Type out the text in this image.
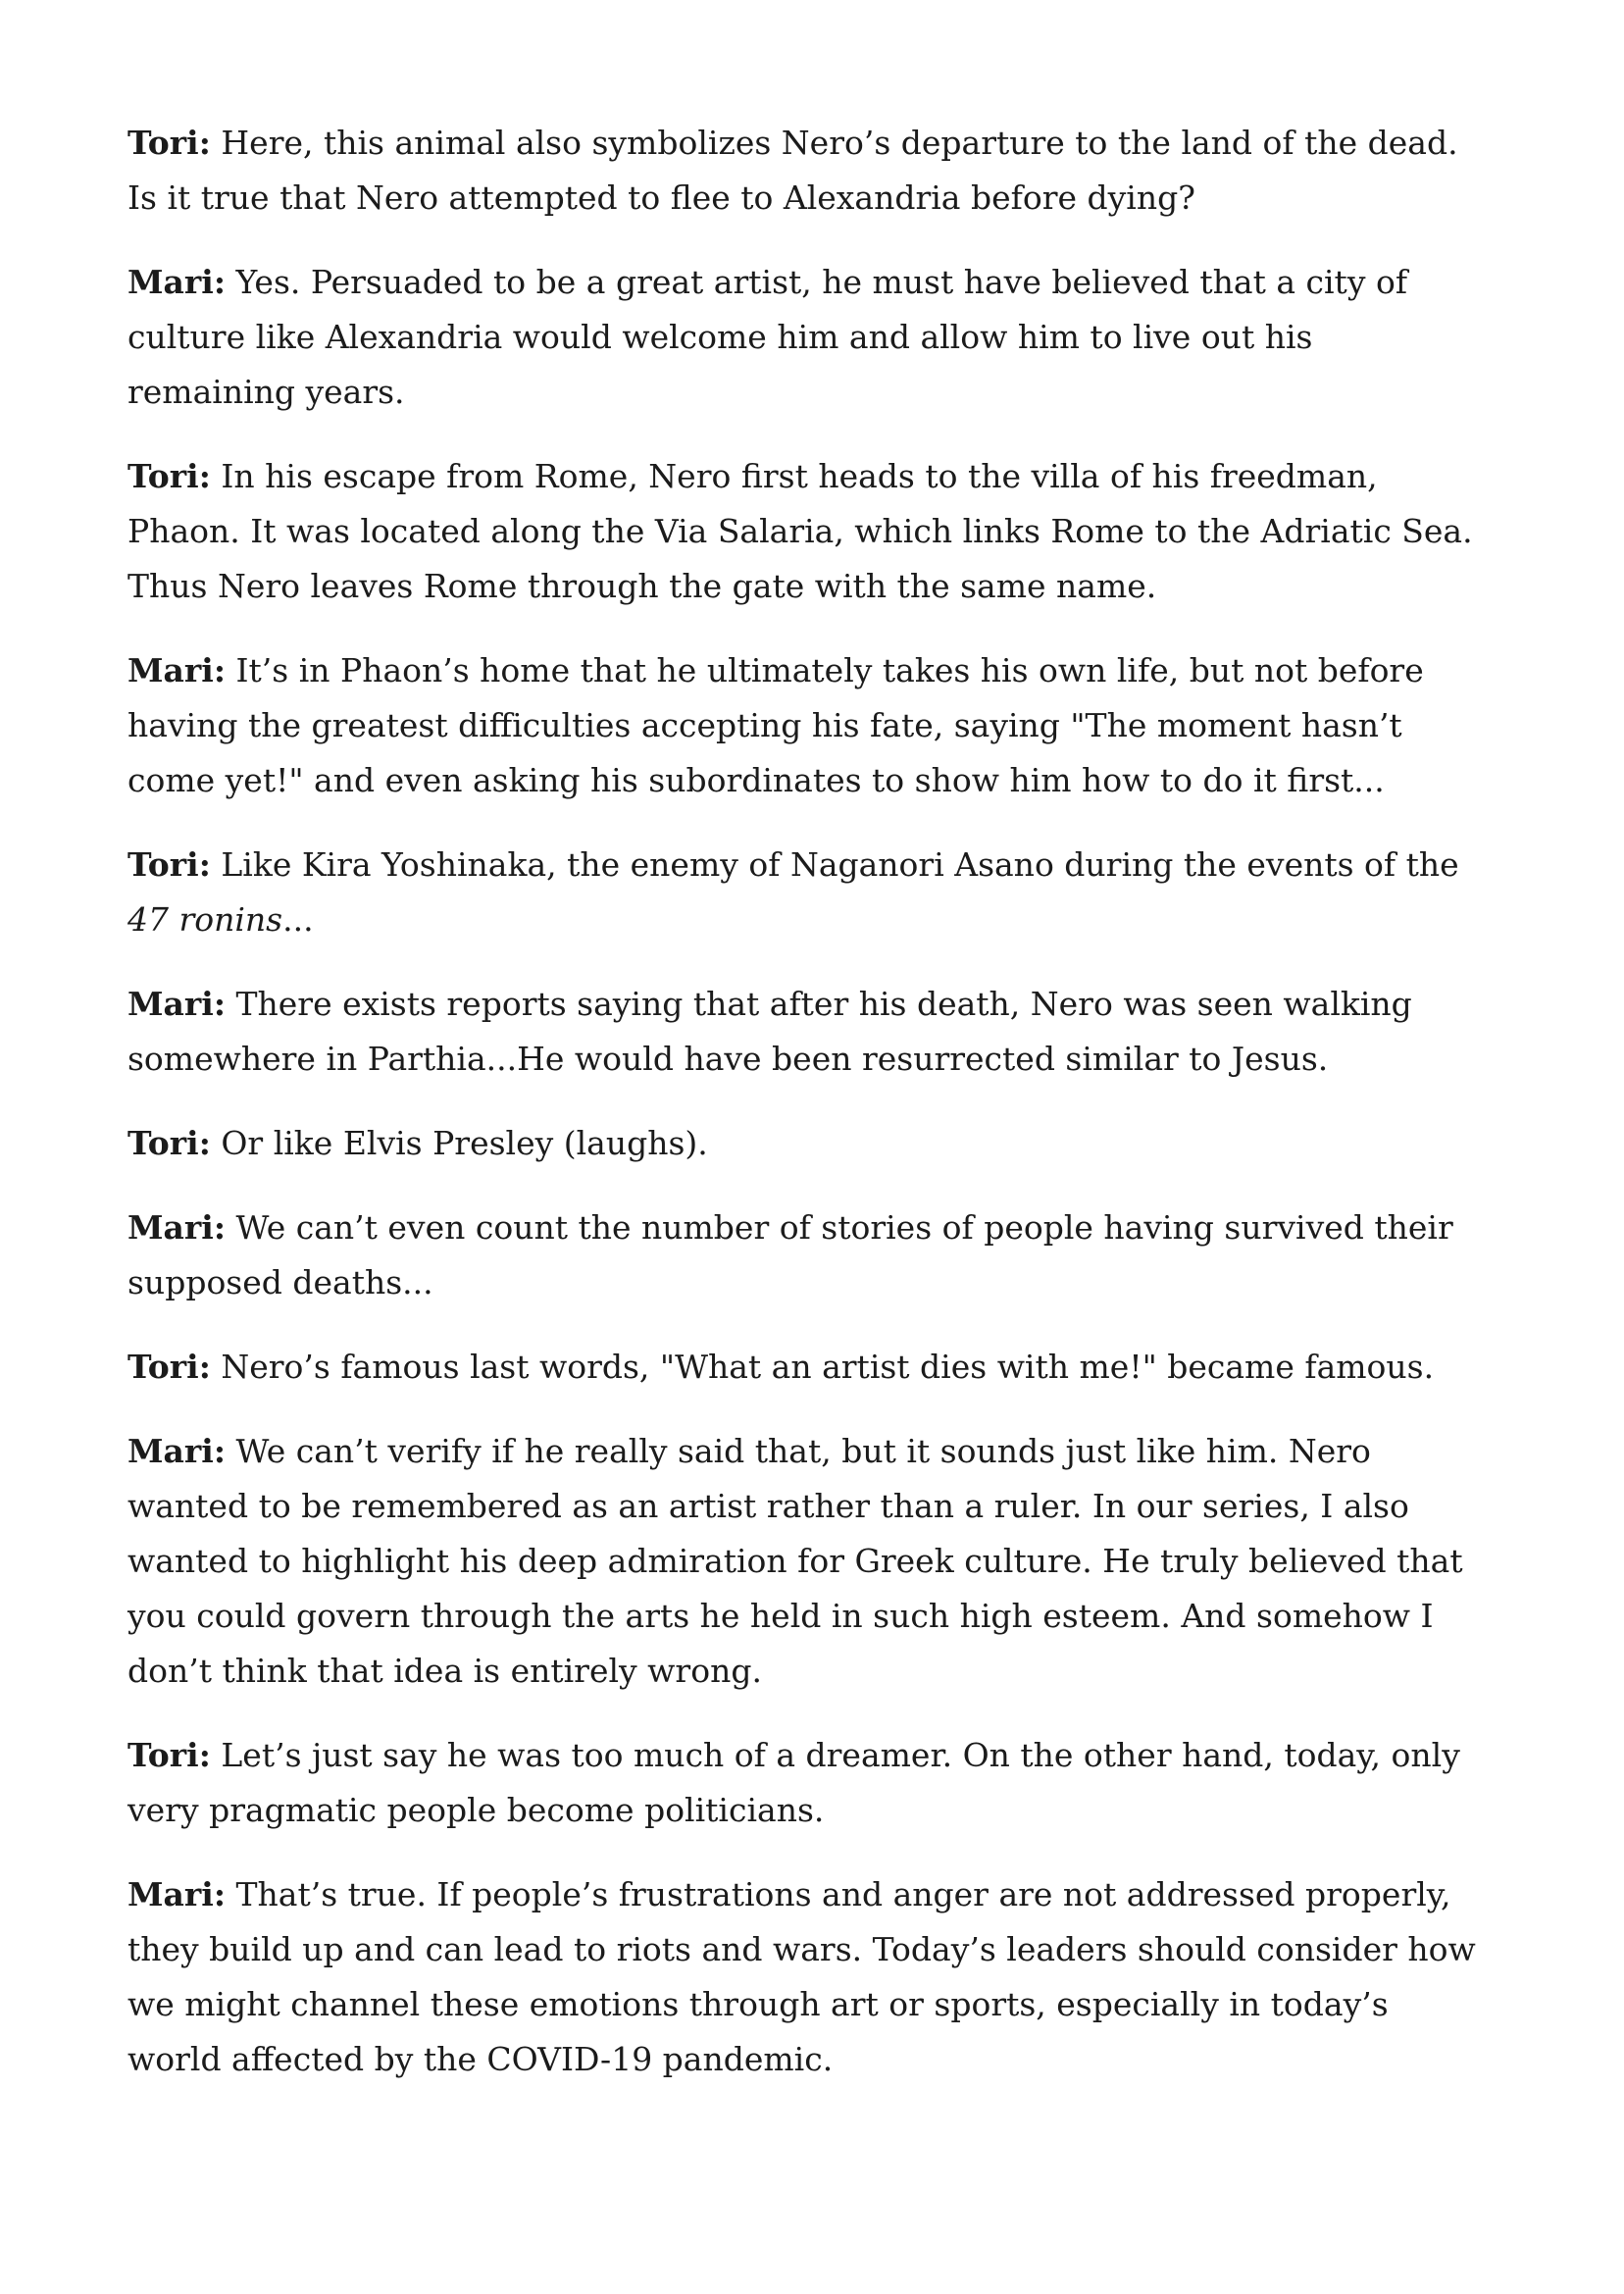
Tori: Here, this animal also symbolizes Nero’s departure to the land of the dead. Is it true that Nero attempted to flee to Alexandria before dying?

Mari: Yes. Persuaded to be a great artist, he must have believed that a city of culture like Alexandria would welcome him and allow him to live out his remaining years.

Tori: In his escape from Rome, Nero first heads to the villa of his freedman, Phaon. It was located along the Via Salaria, which links Rome to the Adriatic Sea. Thus Nero leaves Rome through the gate with the same name.

Mari: It’s in Phaon’s home that he ultimately takes his own life, but not before having the greatest difficulties accepting his fate, saying "The moment hasn’t come yet!" and even asking his subordinates to show him how to do it first...

Tori: Like Kira Yoshinaka, the enemy of Naganori Asano during the events of the 47 ronins...

Mari: There exists reports saying that after his death, Nero was seen walking somewhere in Parthia...He would have been resurrected similar to Jesus.

Tori: Or like Elvis Presley (laughs).

Mari: We can’t even count the number of stories of people having survived their supposed deaths...

Tori: Nero’s famous last words, "What an artist dies with me!" became famous.

Mari: We can’t verify if he really said that, but it sounds just like him. Nero wanted to be remembered as an artist rather than a ruler. In our series, I also wanted to highlight his deep admiration for Greek culture. He truly believed that you could govern through the arts he held in such high esteem. And somehow I don’t think that idea is entirely wrong.

Tori: Let’s just say he was too much of a dreamer. On the other hand, today, only very pragmatic people become politicians.

Mari: That’s true. If people’s frustrations and anger are not addressed properly, they build up and can lead to riots and wars. Today’s leaders should consider how we might channel these emotions through art or sports, especially in today’s world affected by the COVID-19 pandemic.
